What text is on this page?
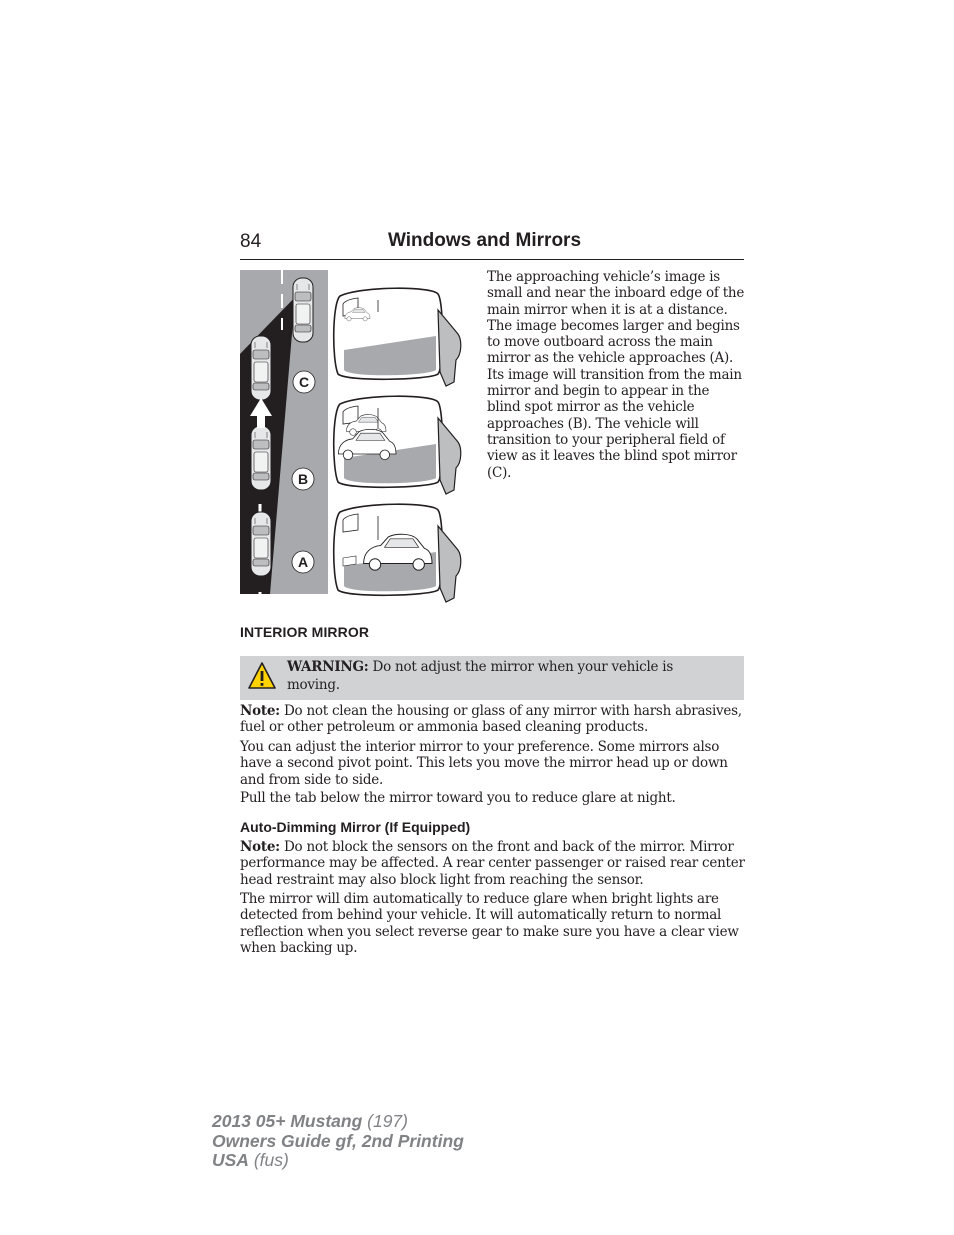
84	Windows and Mirrors
C
B
A

The approaching vehicle’s image is small and near the inboard edge of the main mirror when it is at a distance. The image becomes larger and begins to move outboard across the main mirror as the vehicle approaches (A). Its image will transition from the main mirror and begin to appear in the blind spot mirror as the vehicle approaches (B). The vehicle will transition to your peripheral field of view as it leaves the blind spot mirror (C).

INTERIOR MIRROR

WARNING: Do not adjust the mirror when your vehicle is moving.

Note: Do not clean the housing or glass of any mirror with harsh abrasives, fuel or other petroleum or ammonia based cleaning products.

You can adjust the interior mirror to your preference. Some mirrors also have a second pivot point. This lets you move the mirror head up or down and from side to side.

Pull the tab below the mirror toward you to reduce glare at night.

Auto-Dimming Mirror (If Equipped)

Note: Do not block the sensors on the front and back of the mirror. Mirror performance may be affected. A rear center passenger or raised rear center head restraint may also block light from reaching the sensor.

The mirror will dim automatically to reduce glare when bright lights are detected from behind your vehicle. It will automatically return to normal reflection when you select reverse gear to make sure you have a clear view when backing up.

2013 05+ Mustang (197)
Owners Guide gf, 2nd Printing
USA (fus)
